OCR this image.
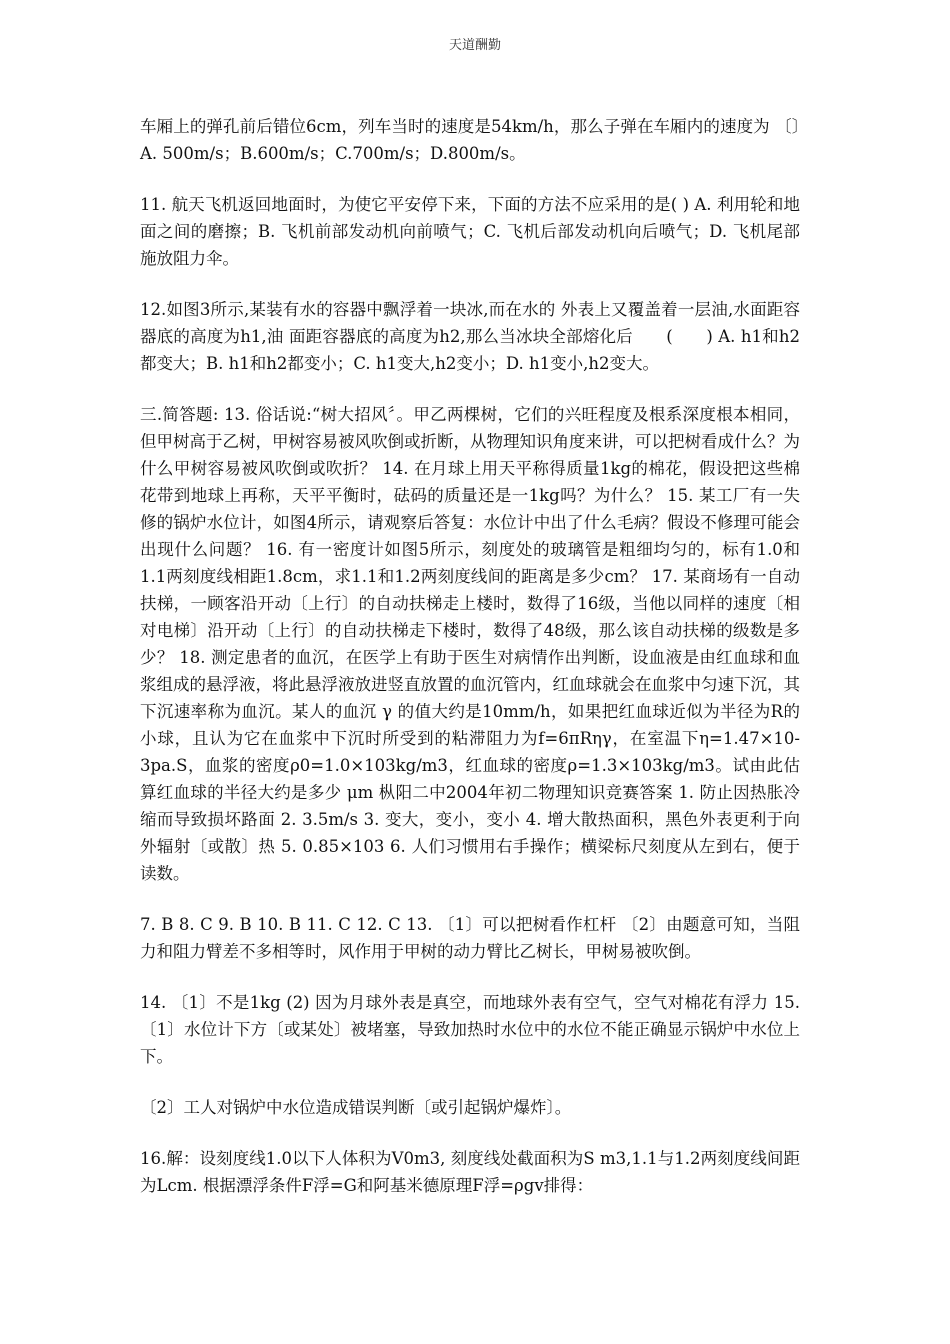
天道酬勤

车厢上的弹孔前后错位6cm，列车当时的速度是54km/h，那么子弹在车厢内的速度为 〔〕A. 500m/s；B.600m/s；C.700m/s；D.800m/s。

11. 航天飞机返回地面时，为使它平安停下来，下面的方法不应采用的是( ) A. 利用轮和地面之间的磨擦；B. 飞机前部发动机向前喷气；C. 飞机后部发动机向后喷气；D. 飞机尾部施放阻力伞。

12.如图3所示,某装有水的容器中飘浮着一块冰,而在水的 外表上又覆盖着一层油,水面距容器底的高度为h1,油 面距容器底的高度为h2,那么当冰块全部熔化后　　(　　) A. h1和h2都变大；B. h1和h2都变小；C. h1变大,h2变小；D. h1变小,h2变大。

三.简答题: 13. 俗话说:“树大招风〞。甲乙两棵树，它们的兴旺程度及根系深度根本相同，但甲树高于乙树，甲树容易被风吹倒或折断，从物理知识角度来讲，可以把树看成什么？为什么甲树容易被风吹倒或吹折？ 14. 在月球上用天平称得质量1kg的棉花，假设把这些棉花带到地球上再称，天平平衡时，砝码的质量还是一1kg吗？为什么？ 15. 某工厂有一失修的锅炉水位计，如图4所示，请观察后答复：水位计中出了什么毛病？假设不修理可能会出现什么问题？ 16. 有一密度计如图5所示，刻度处的玻璃管是粗细均匀的，标有1.0和1.1两刻度线相距1.8cm，求1.1和1.2两刻度线间的距离是多少cm？ 17. 某商场有一自动扶梯，一顾客沿开动〔上行〕的自动扶梯走上楼时，数得了16级，当他以同样的速度〔相对电梯〕沿开动〔上行〕的自动扶梯走下楼时，数得了48级，那么该自动扶梯的级数是多少？ 18. 测定患者的血沉，在医学上有助于医生对病情作出判断，设血液是由红血球和血浆组成的悬浮液，将此悬浮液放进竖直放置的血沉管内，红血球就会在血浆中匀速下沉，其下沉速率称为血沉。某人的血沉 γ 的值大约是10mm/h，如果把红血球近似为半径为R的小球，且认为它在血浆中下沉时所受到的粘滞阻力为f=6πRηγ，在室温下η=1.47×10-3pa.S，血浆的密度ρ0=1.0×103kg/m3，红血球的密度ρ=1.3×103kg/m3。试由此估算红血球的半径大约是多少 μm 枞阳二中2004年初二物理知识竞赛答案 1. 防止因热胀冷缩而导致损坏路面 2. 3.5m/s 3. 变大，变小，变小 4. 增大散热面积，黑色外表更利于向外辐射〔或散〕热 5. 0.85×103 6. 人们习惯用右手操作；横梁标尺刻度从左到右，便于读数。

7. B 8. C 9. B 10. B 11. C 12. C 13. 〔1〕可以把树看作杠杆 〔2〕由题意可知，当阻力和阻力臂差不多相等时，风作用于甲树的动力臂比乙树长，甲树易被吹倒。

14. 〔1〕不是1kg (2) 因为月球外表是真空，而地球外表有空气，空气对棉花有浮力 15. 〔1〕水位计下方〔或某处〕被堵塞，导致加热时水位中的水位不能正确显示锅炉中水位上下。

〔2〕工人对锅炉中水位造成错误判断〔或引起锅炉爆炸〕。

16.解：设刻度线1.0以下人体积为V0m3, 刻度线处截面积为S m3,1.1与1.2两刻度线间距为Lcm. 根据漂浮条件F浮=G和阿基米德原理F浮=ρgv排得：
